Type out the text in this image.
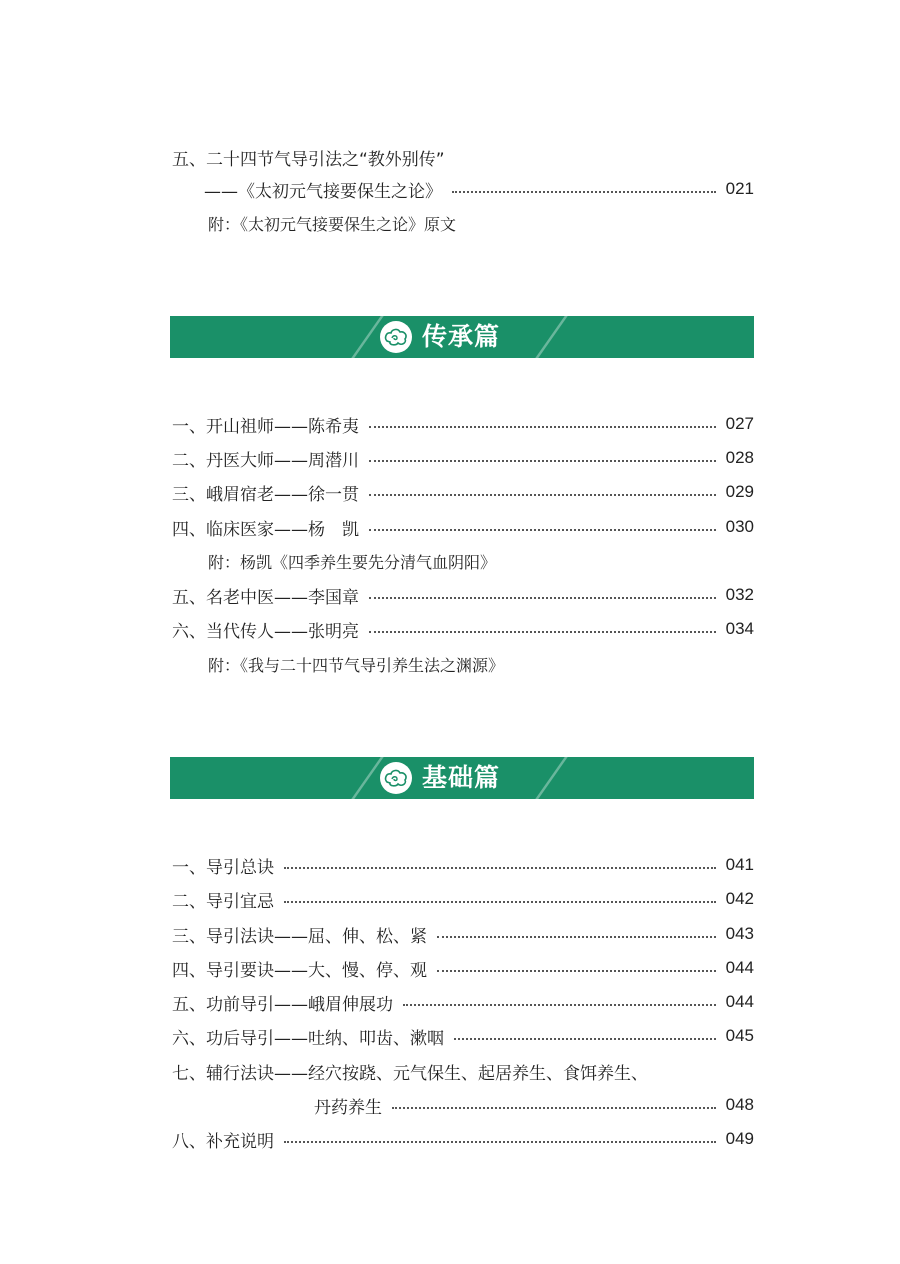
五、二十四节气导引法之“教外别传”
——《太初元气接要保生之论》	021
附：《太初元气接要保生之论》原文
传承篇
一、开山祖师——陈希夷	027
二、丹医大师——周潜川	028
三、峨眉宿老——徐一贯	029
四、临床医家——杨　凯	030
附：杨凯《四季养生要先分清气血阴阳》
五、名老中医——李国章	032
六、当代传人——张明亮	034
附：《我与二十四节气导引养生法之渊源》
基础篇
一、导引总诀	041
二、导引宜忌	042
三、导引法诀——屈、伸、松、紧	043
四、导引要诀——大、慢、停、观	044
五、功前导引——峨眉伸展功	044
六、功后导引——吐纳、叩齿、漱咽	045
七、辅行法诀——经穴按跷、元气保生、起居养生、食饵养生、
丹药养生	048
八、补充说明	049
